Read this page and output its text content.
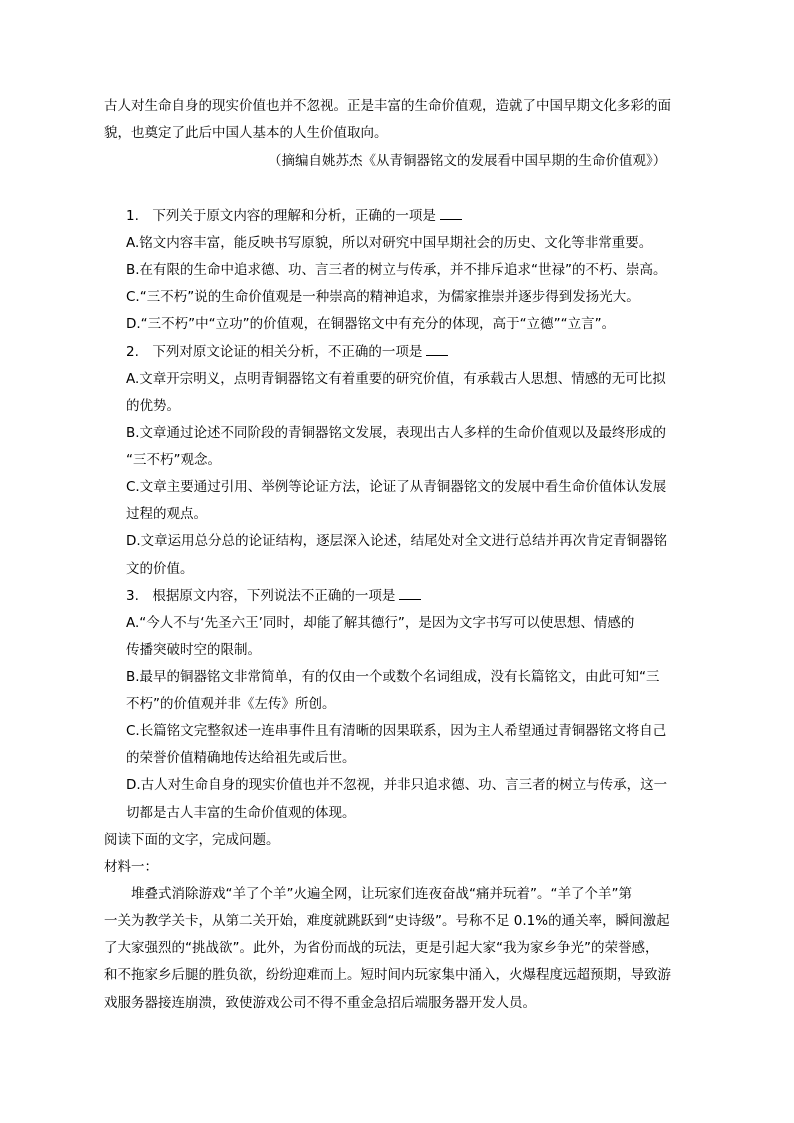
古人对生命自身的现实价值也并不忽视。正是丰富的生命价值观，造就了中国早期文化多彩的面
貌，也奠定了此后中国人基本的人生价值取向。
（摘编自姚苏杰《从青铜器铭文的发展看中国早期的生命价值观》）
1.　下列关于原文内容的理解和分析，正确的一项是
A.铭文内容丰富，能反映书写原貌，所以对研究中国早期社会的历史、文化等非常重要。
B.在有限的生命中追求德、功、言三者的树立与传承，并不排斥追求“世禄”的不朽、崇高。
C.“三不朽”说的生命价值观是一种崇高的精神追求，为儒家推崇并逐步得到发扬光大。
D.“三不朽”中“立功”的价值观，在铜器铭文中有充分的体现，高于“立德”“立言”。
2.　下列对原文论证的相关分析，不正确的一项是
A.文章开宗明义，点明青铜器铭文有着重要的研究价值，有承载古人思想、情感的无可比拟
的优势。
B.文章通过论述不同阶段的青铜器铭文发展，表现出古人多样的生命价值观以及最终形成的
“三不朽”观念。
C.文章主要通过引用、举例等论证方法，论证了从青铜器铭文的发展中看生命价值体认发展
过程的观点。
D.文章运用总分总的论证结构，逐层深入论述，结尾处对全文进行总结并再次肯定青铜器铭
文的价值。
3.　根据原文内容，下列说法不正确的一项是
A.“今人不与‘先圣六王’同时，却能了解其德行”，是因为文字书写可以使思想、情感的
传播突破时空的限制。
B.最早的铜器铭文非常简单，有的仅由一个或数个名词组成，没有长篇铭文，由此可知“三
不朽”的价值观并非《左传》所创。
C.长篇铭文完整叙述一连串事件且有清晰的因果联系，因为主人希望通过青铜器铭文将自己
的荣誉价值精确地传达给祖先或后世。
D.古人对生命自身的现实价值也并不忽视，并非只追求德、功、言三者的树立与传承，这一
切都是古人丰富的生命价值观的体现。
阅读下面的文字，完成问题。
材料一：
堆叠式消除游戏“羊了个羊”火遍全网，让玩家们连夜奋战“痛并玩着”。“羊了个羊”第
一关为教学关卡，从第二关开始，难度就跳跃到“史诗级”。号称不足 0.1%的通关率，瞬间激起
了大家强烈的“挑战欲”。此外，为省份而战的玩法，更是引起大家“我为家乡争光”的荣誉感，
和不拖家乡后腿的胜负欲，纷纷迎难而上。短时间内玩家集中涌入，火爆程度远超预期，导致游
戏服务器接连崩溃，致使游戏公司不得不重金急招后端服务器开发人员。
